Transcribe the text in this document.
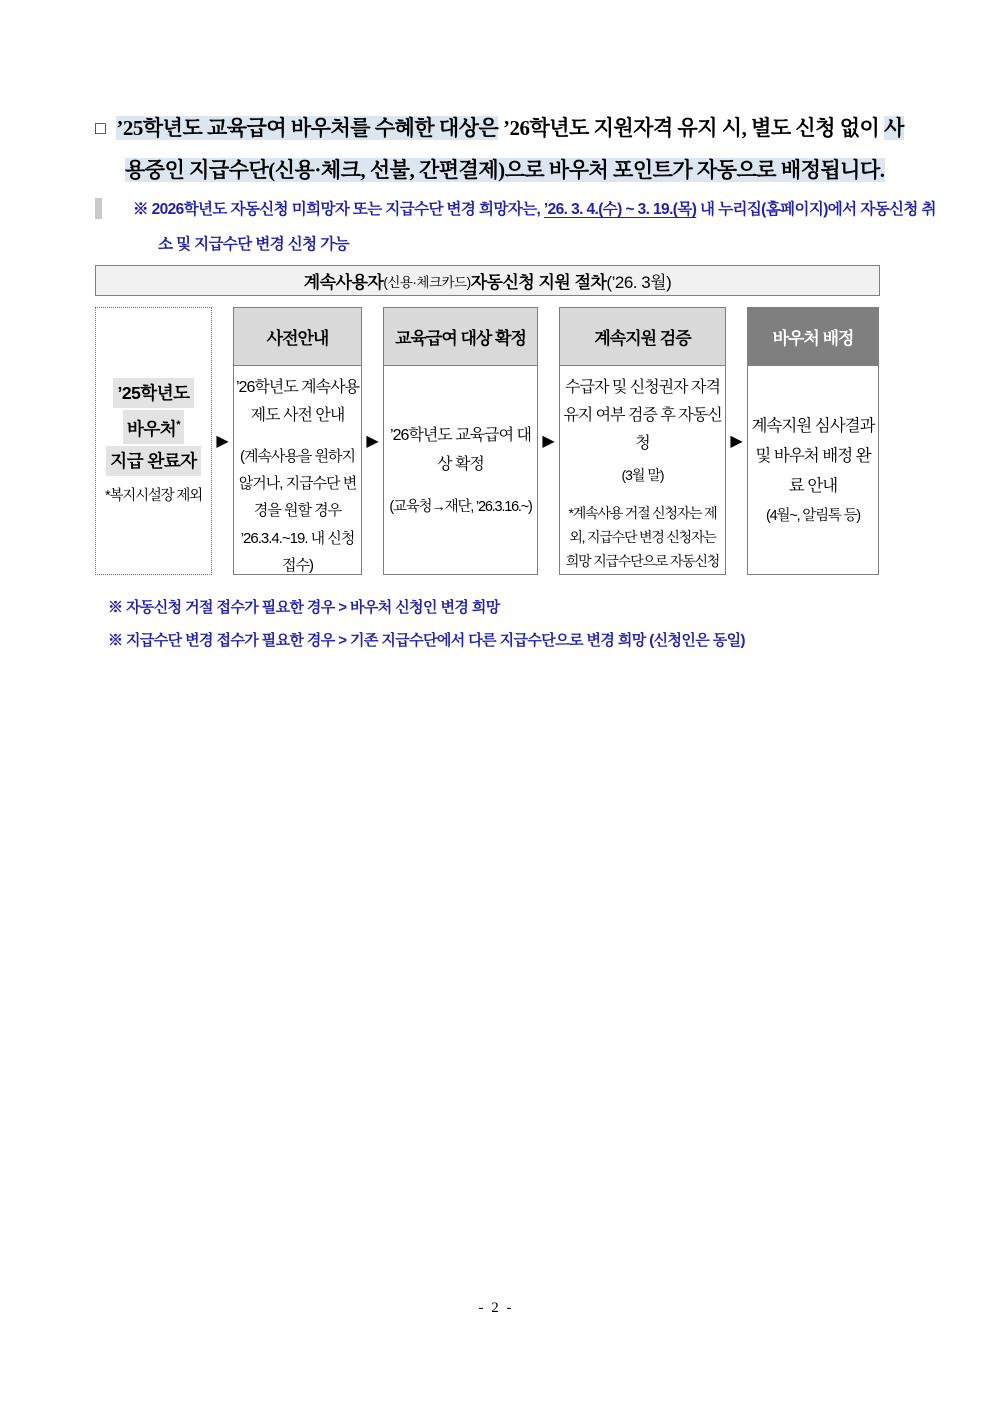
□ ’25학년도 교육급여 바우처를 수혜한 대상은 ’26학년도 지원자격 유지 시, 별도 신청 없이 사용중인 지급수단(신용·체크, 선불, 간편결제)으로 바우처 포인트가 자동으로 배정됩니다.
※ 2026학년도 자동신청 미희망자 또는 지급수단 변경 희망자는, ’26. 3. 4.(수) ~ 3. 19.(목) 내 누리집(홈페이지)에서 자동신청 취소 및 지급수단 변경 신청 가능
계속사용자 (신용·체크카드) 자동신청 지원 절차 (’26. 3월)
’25학년도
바우처*
지급 완료자
*복지시설장 제외
▶
사전안내
’26학년도 계속사용제도 사전 안내
(계속사용을 원하지 않거나, 지급수단 변경을 원할 경우
’26.3.4.~19. 내 신청 접수)
▶
교육급여 대상 확정
’26학년도 교육급여 대상 확정
(교육청→재단, ’26.3.16.~)
▶
계속지원 검증
수급자 및 신청권자 자격 유지 여부 검증 후 자동신청
(3월 말)
*계속사용 거절 신청자는 제외, 지급수단 변경 신청자는 희망 지급수단으로 자동신청
▶
바우처 배정
계속지원 심사결과 및 바우처 배정 완료 안내
(4월~, 알림톡 등)
※ 자동신청 거절 접수가 필요한 경우 > 바우처 신청인 변경 희망
※ 지급수단 변경 접수가 필요한 경우 > 기존 지급수단에서 다른 지급수단으로 변경 희망 (신청인은 동일)
- 2 -
